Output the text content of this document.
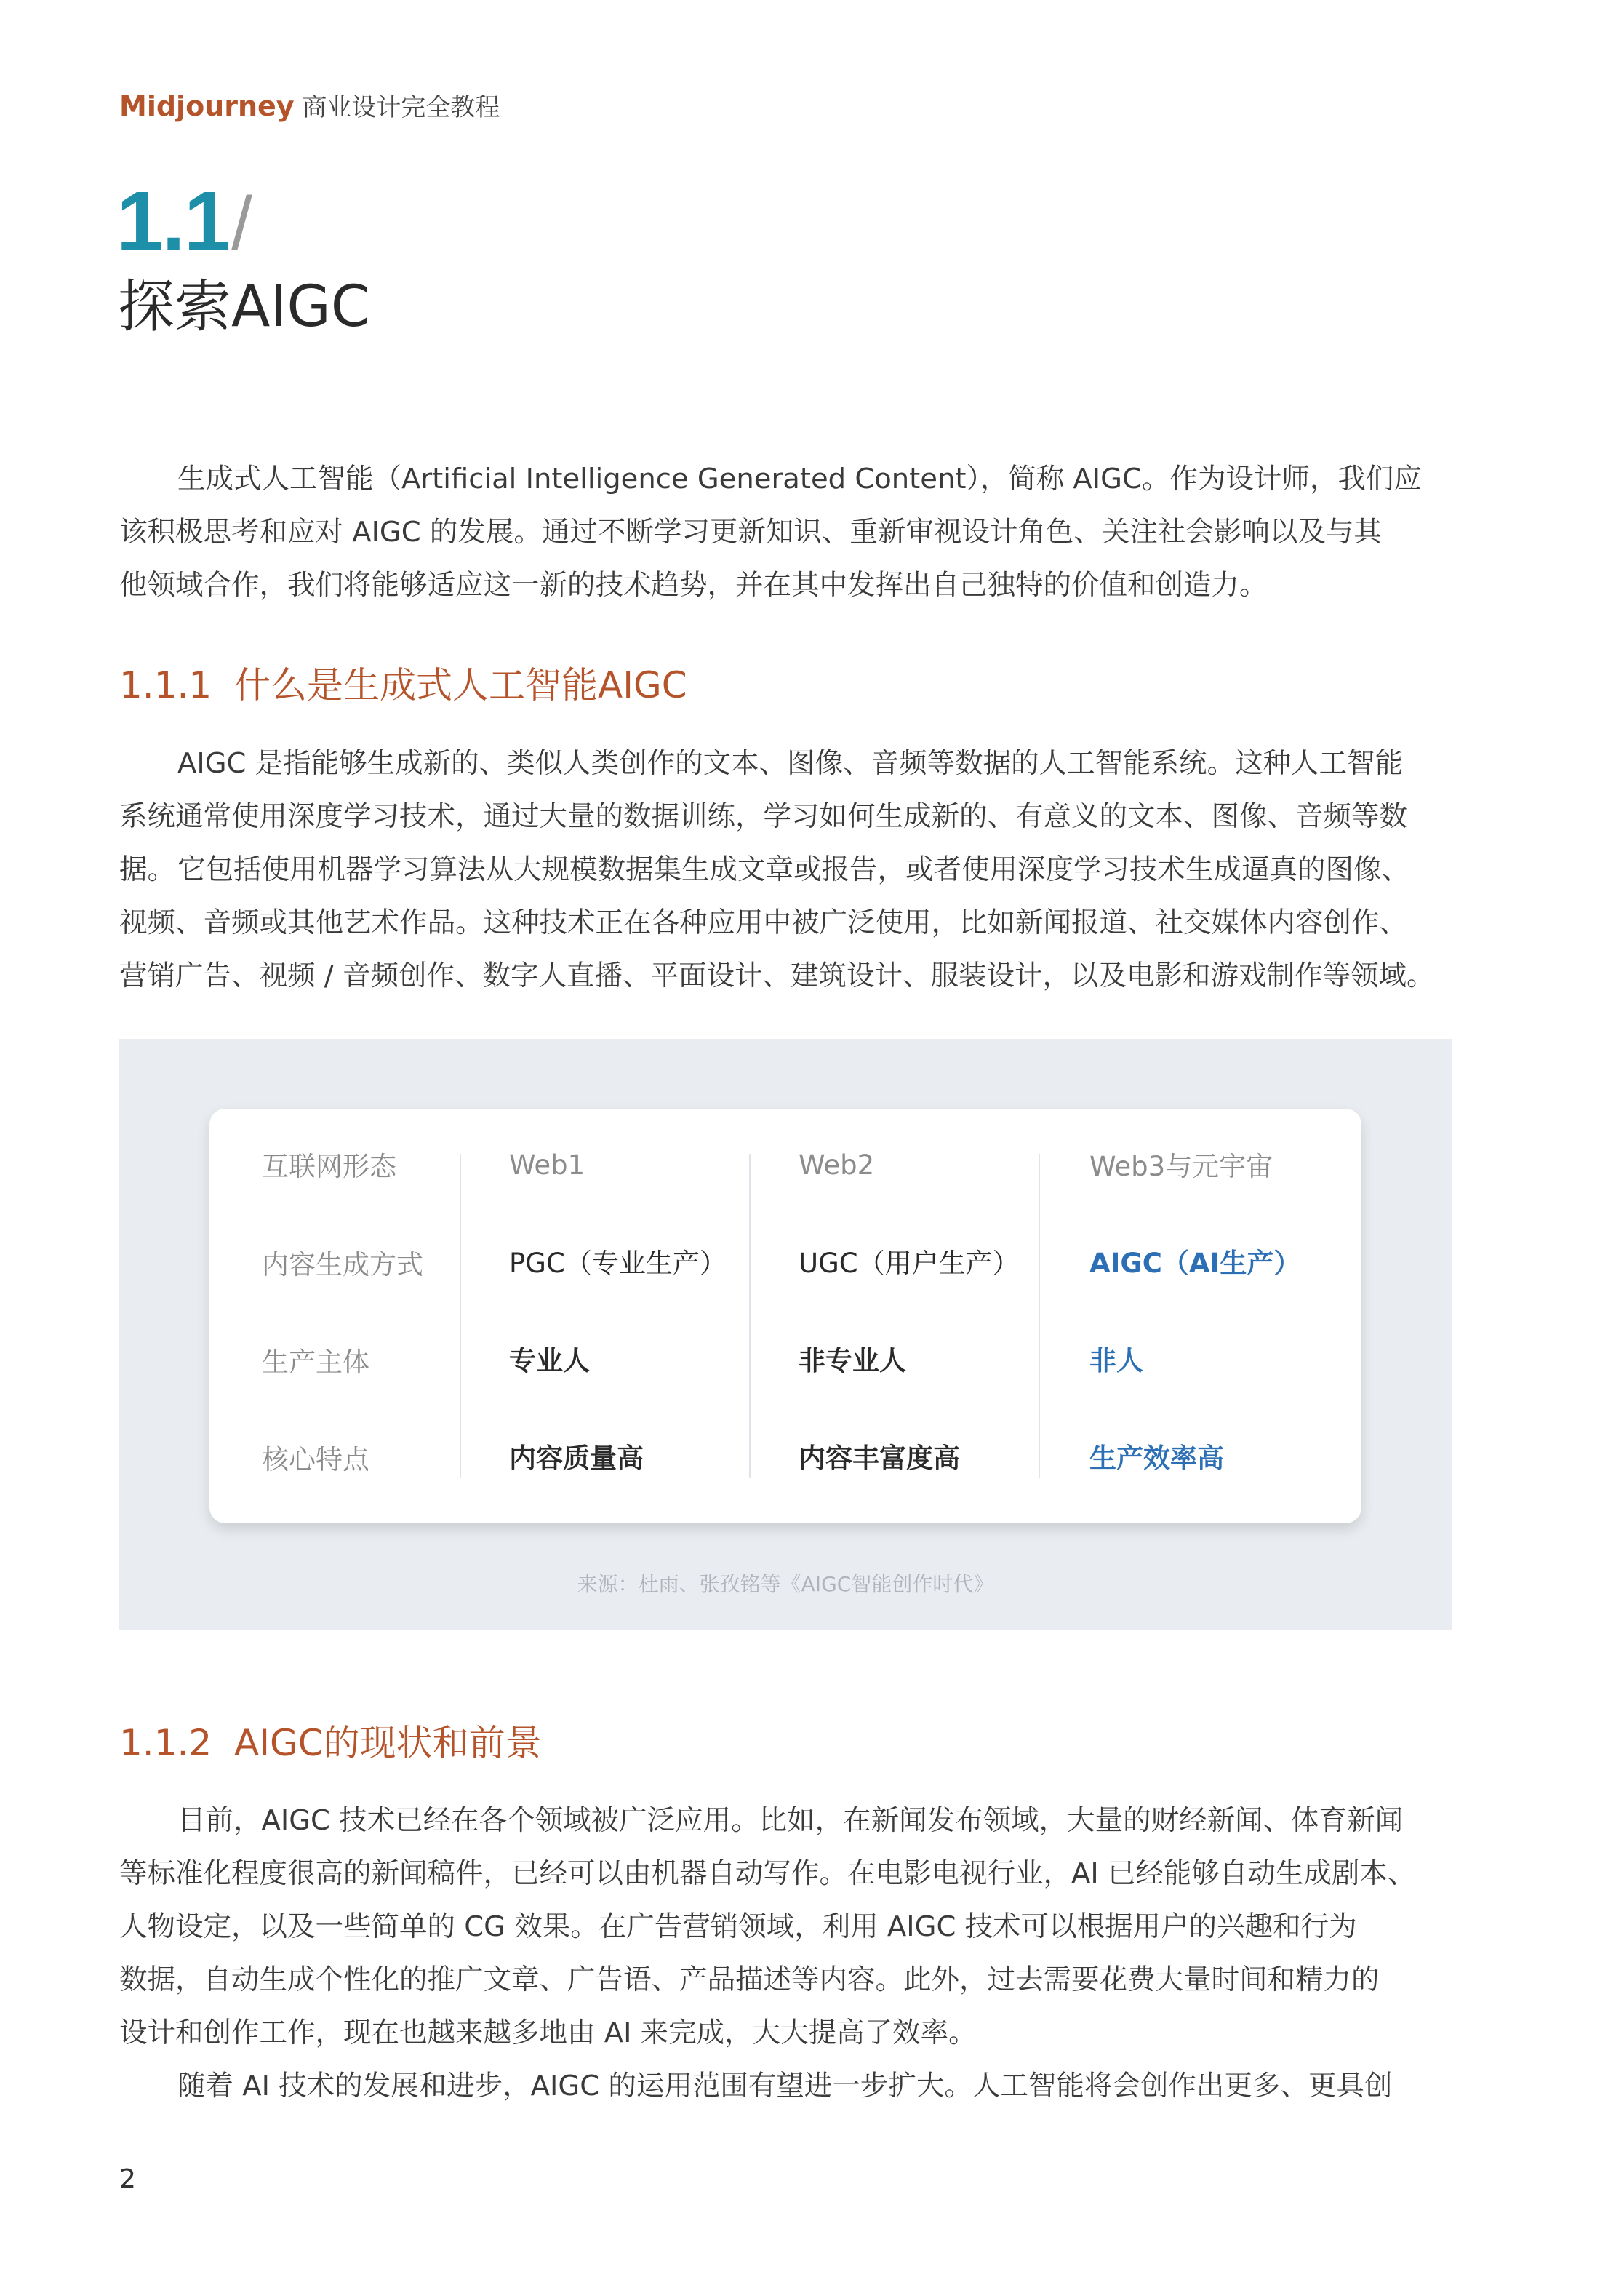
Midjourney 商业设计完全教程
1.1 /
探索AIGC

生成式人工智能（Artificial Intelligence Generated Content），简称 AIGC。作为设计师，我们应
该积极思考和应对 AIGC 的发展。通过不断学习更新知识、重新审视设计角色、关注社会影响以及与其
他领域合作，我们将能够适应这一新的技术趋势，并在其中发挥出自己独特的价值和创造力。

1.1.1 什么是生成式人工智能AIGC

AIGC 是指能够生成新的、类似人类创作的文本、图像、音频等数据的人工智能系统。这种人工智能
系统通常使用深度学习技术，通过大量的数据训练，学习如何生成新的、有意义的文本、图像、音频等数据。 它包括使用机器学习算法从大规模数据集生成文章或报告，或者使用深度学习技术生成逼真的图像、
视频、音频或其他艺术作品。这种技术正在各种应用中被广泛使用，比如新闻报道、社交媒体内容创作、
营销广告、视频 / 音频创作、数字人直播、平面设计、建筑设计、服装设计，以及电影和游戏制作等领域。

互联网形态	Web1	Web2	Web3与元宇宙
内容生成方式	PGC（专业生产）	UGC（用户生产）	AIGC（AI生产）
生产主体	专业人	非专业人	非人
核心特点	内容质量高	内容丰富度高	生产效率高
来源：杜雨、张孜铭等《AIGC智能创作时代》
1.1.2 AIGC的现状和前景

目前，AIGC 技术已经在各个领域被广泛应用。比如，在新闻发布领域，大量的财经新闻、体育新闻
等标准化程度很高的新闻稿件，已经可以由机器自动写作。在电影电视行业，AI 已经能够自动生成剧本、
人物设定，以及一些简单的 CG 效果。在广告营销领域，利用 AIGC 技术可以根据用户的兴趣和行为
数据，自动生成个性化的推广文章、广告语、产品描述等内容。此外，过去需要花费大量时间和精力的
设计和创作工作，现在也越来越多地由 AI 来完成，大大提高了效率。

随着 AI 技术的发展和进步，AIGC 的运用范围有望进一步扩大。人工智能将会创作出更多、更具创

2
